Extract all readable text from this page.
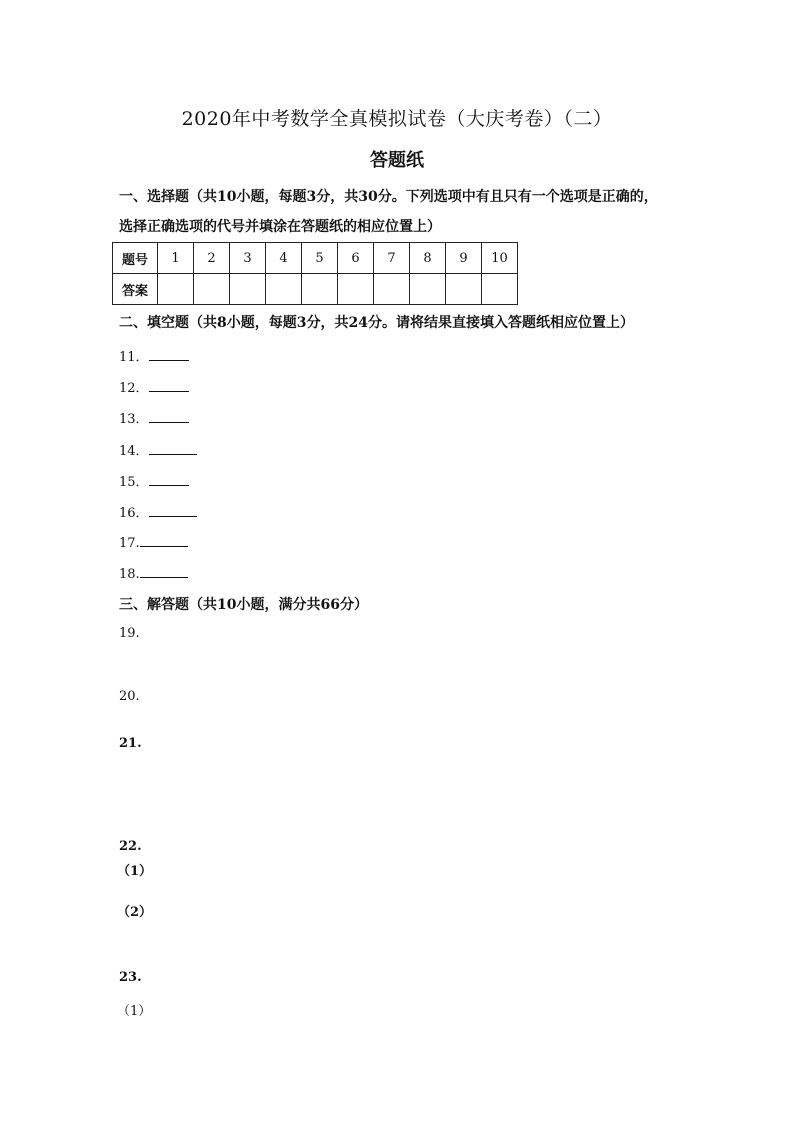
2020年中考数学全真模拟试卷（大庆考卷）（二）
答题纸
一、选择题（共10小题，每题3分，共30分。下列选项中有且只有一个选项是正确的，
选择正确选项的代号并填涂在答题纸的相应位置上）
题号	1	2	3	4	5	6	7	8	9	10
答案										
二、填空题（共8小题，每题3分，共24分。请将结果直接填入答题纸相应位置上）
11．
12．
13．
14．
15．
16．
17.
18.
三、解答题（共10小题，满分共66分）
19.
20.
21.
22.
（1）
（2）
23.
（1）
